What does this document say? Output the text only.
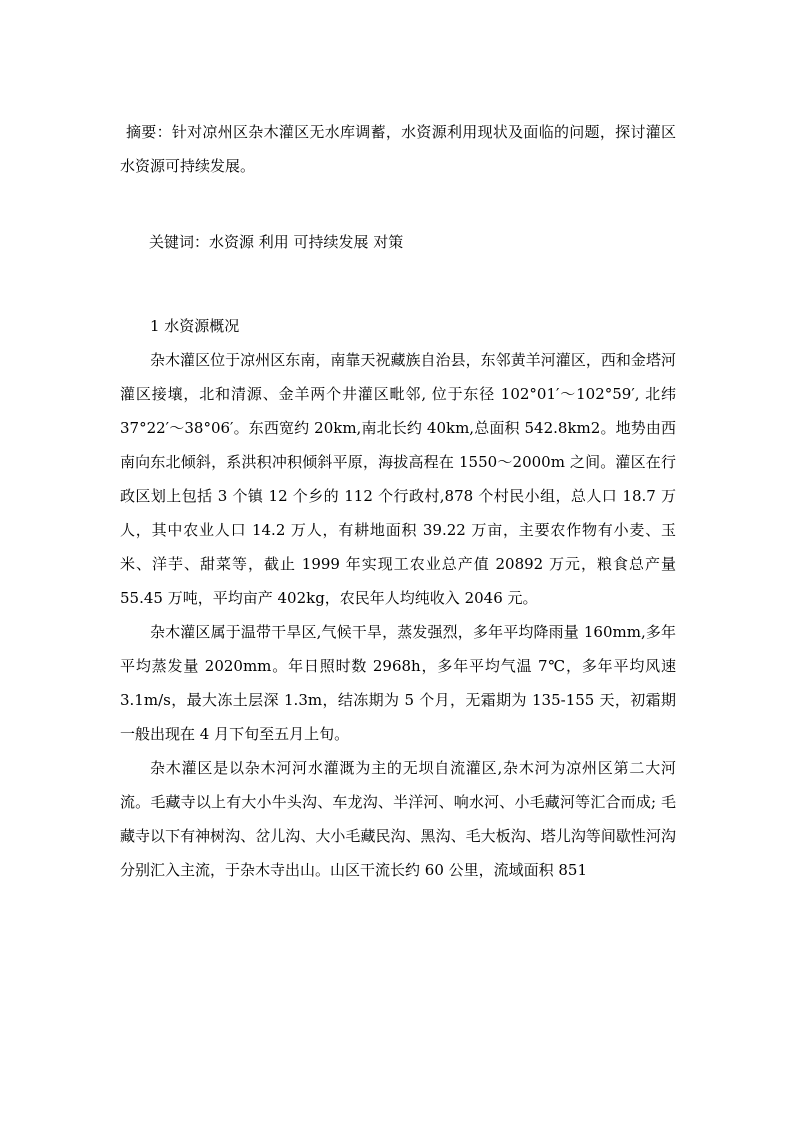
摘要：针对凉州区杂木灌区无水库调蓄，水资源利用现状及面临的问题，探讨灌区水资源可持续发展。

关键词：水资源 利用 可持续发展 对策

1 水资源概况

杂木灌区位于凉州区东南，南靠天祝藏族自治县，东邻黄羊河灌区，西和金塔河灌区接壤，北和清源、金羊两个井灌区毗邻, 位于东径 102°01′～102°59′, 北纬 37°22′～38°06′。东西宽约 20km,南北长约 40km,总面积 542.8km2。地势由西南向东北倾斜，系洪积冲积倾斜平原，海拔高程在 1550～2000m 之间。灌区在行政区划上包括 3 个镇 12 个乡的 112 个行政村,878 个村民小组，总人口 18.7 万人，其中农业人口 14.2 万人，有耕地面积 39.22 万亩，主要农作物有小麦、玉米、洋芋、甜菜等，截止 1999 年实现工农业总产值 20892 万元，粮食总产量 55.45 万吨，平均亩产 402kg，农民年人均纯收入 2046 元。

杂木灌区属于温带干旱区,气候干旱，蒸发强烈，多年平均降雨量 160mm,多年平均蒸发量 2020mm。年日照时数 2968h，多年平均气温 7℃，多年平均风速 3.1m/s，最大冻土层深 1.3m，结冻期为 5 个月，无霜期为 135-155 天，初霜期一般出现在 4 月下旬至五月上旬。

杂木灌区是以杂木河河水灌溉为主的无坝自流灌区,杂木河为凉州区第二大河流。毛藏寺以上有大小牛头沟、车龙沟、半洋河、响水河、小毛藏河等汇合而成; 毛藏寺以下有神树沟、岔儿沟、大小毛藏民沟、黑沟、毛大板沟、塔儿沟等间歇性河沟分别汇入主流，于杂木寺出山。山区干流长约 60 公里，流域面积 851
